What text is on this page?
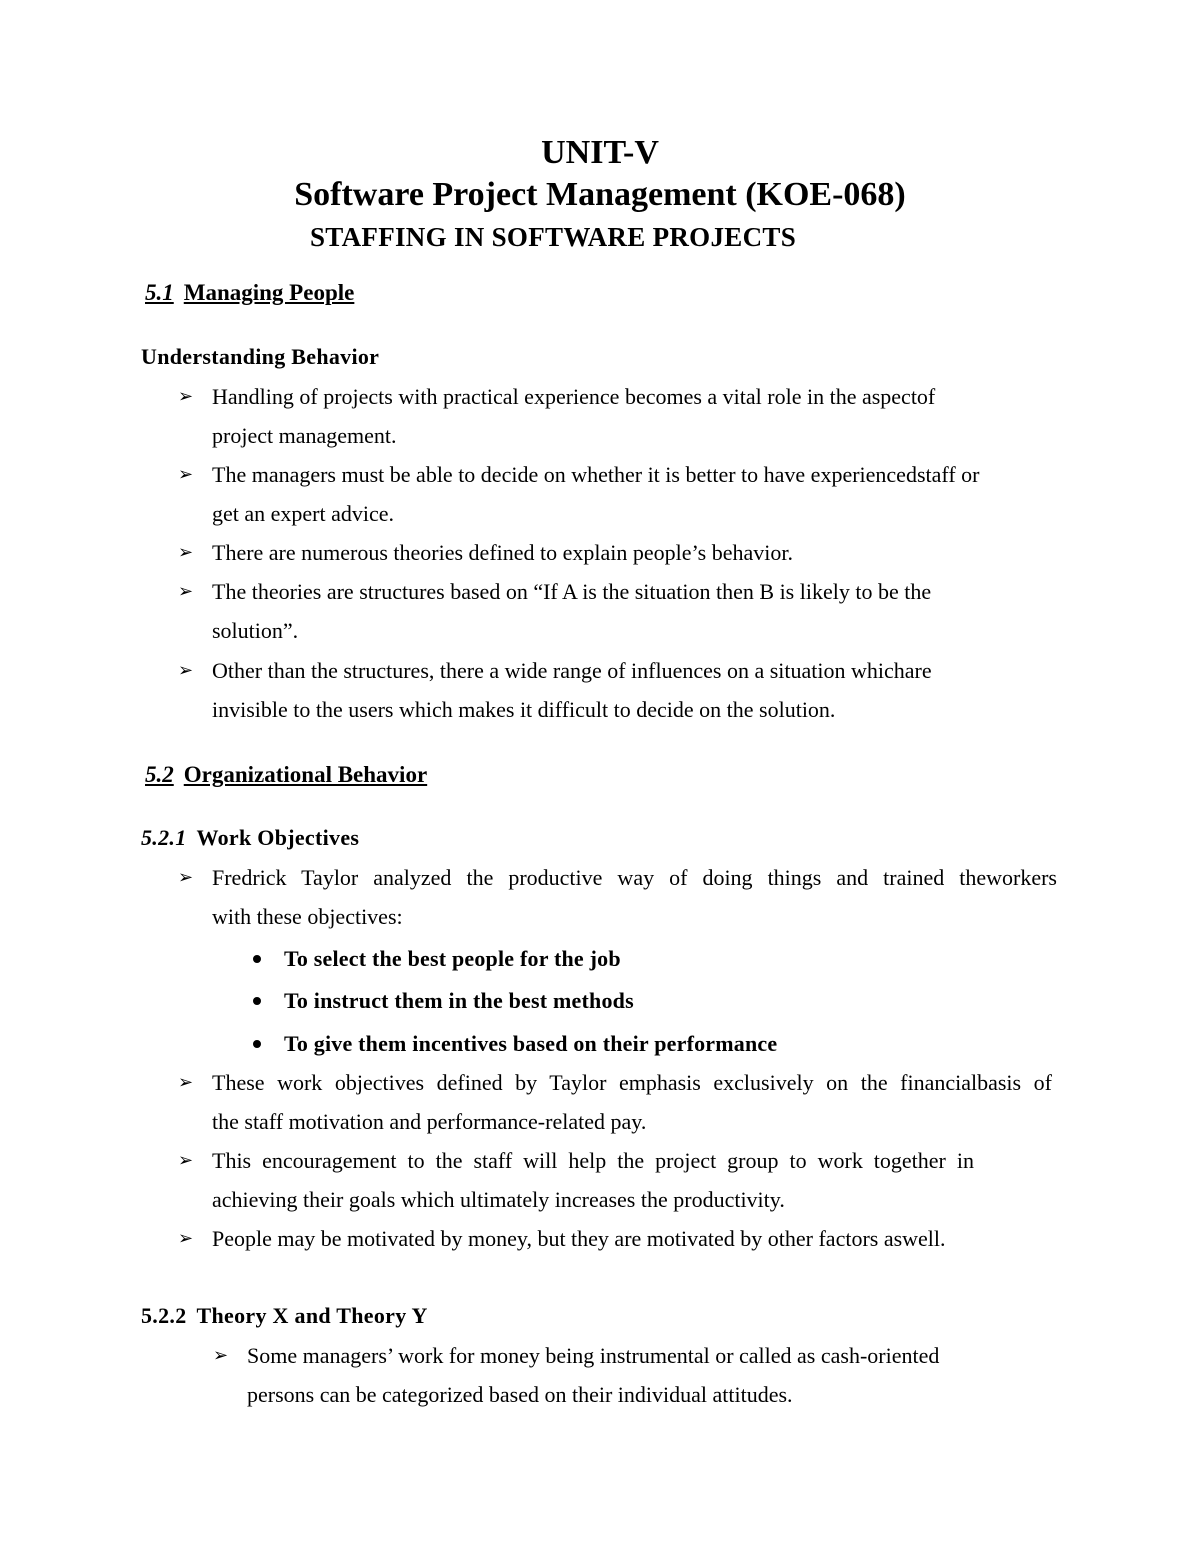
UNIT-V
Software Project Management (KOE-068)
STAFFING IN SOFTWARE PROJECTS
5.1 Managing People
Understanding Behavior
➢ Handling of projects with practical experience becomes a vital role in the aspectof
project management.
➢ The managers must be able to decide on whether it is better to have experiencedstaff or
get an expert advice.
➢ There are numerous theories defined to explain people’s behavior.
➢ The theories are structures based on “If A is the situation then B is likely to be the
solution”.
➢ Other than the structures, there a wide range of influences on a situation whichare
invisible to the users which makes it difficult to decide on the solution.
5.2 Organizational Behavior
5.2.1 Work Objectives
➢ Fredrick Taylor analyzed the productive way of doing things and trained theworkers
with these objectives:
To select the best people for the job
To instruct them in the best methods
To give them incentives based on their performance
➢ These work objectives defined by Taylor emphasis exclusively on the financialbasis of
the staff motivation and performance-related pay.
➢ This encouragement to the staff will help the project group to work together in
achieving their goals which ultimately increases the productivity.
➢ People may be motivated by money, but they are motivated by other factors aswell.
5.2.2 Theory X and Theory Y
➢ Some managers’ work for money being instrumental or called as cash-oriented
persons can be categorized based on their individual attitudes.
